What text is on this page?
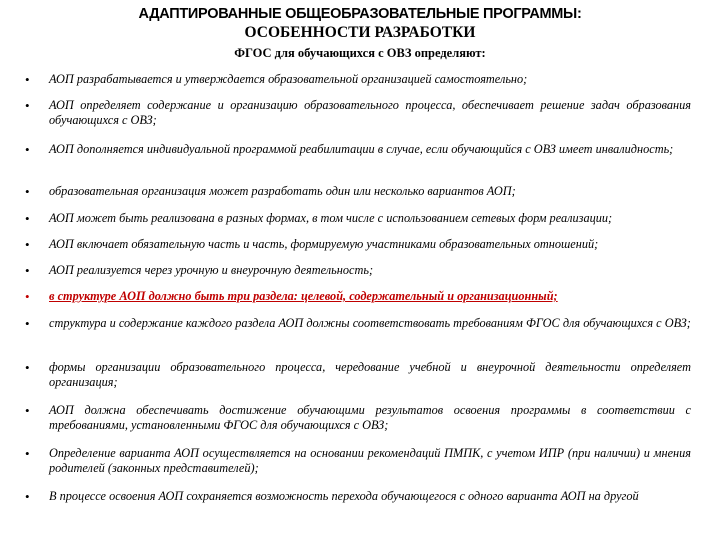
АДАПТИРОВАННЫЕ ОБЩЕОБРАЗОВАТЕЛЬНЫЕ ПРОГРАММЫ:
ОСОБЕННОСТИ РАЗРАБОТКИ
ФГОС для обучающихся с ОВЗ определяют:
• АОП разрабатывается и утверждается образовательной организацией самостоятельно;
• АОП определяет содержание и организацию образовательного процесса, обеспечивает решение задач образования обучающихся с ОВЗ;
• АОП дополняется индивидуальной программой реабилитации в случае, если обучающийся с ОВЗ имеет инвалидность;
• образовательная организация может разработать один или несколько вариантов АОП;
• АОП может быть реализована в разных формах, в том числе с использованием сетевых форм реализации;
• АОП включает обязательную часть и часть, формируемую участниками образовательных отношений;
• АОП реализуется через урочную и внеурочную деятельность;
• в структуре АОП должно быть три раздела: целевой, содержательный и организационный;
• структура и содержание каждого раздела АОП должны соответствовать требованиям ФГОС для обучающихся с ОВЗ;
• формы организации образовательного процесса, чередование учебной и внеурочной деятельности определяет организация;
• АОП должна обеспечивать достижение обучающими результатов освоения программы в соответствии с требованиями, установленными ФГОС для обучающихся с ОВЗ;
• Определение варианта АОП осуществляется на основании рекомендаций ПМПК, с учетом ИПР (при наличии) и мнения родителей (законных представителей);
• В процессе освоения АОП сохраняется возможность перехода обучающегося с одного варианта АОП на другой
